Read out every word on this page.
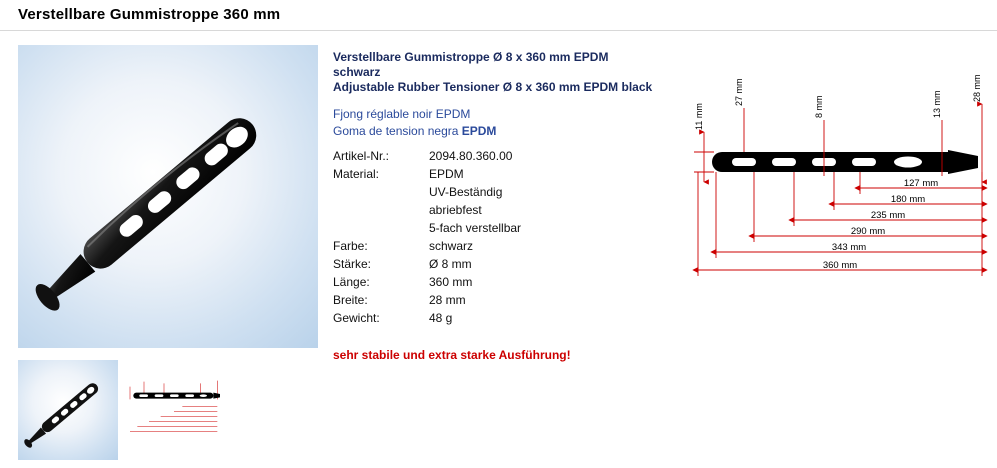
Verstellbare Gummistroppe 360 mm
Verstellbare Gummistroppe Ø 8 x 360 mm EPDM
schwarz
Adjustable Rubber Tensioner Ø 8 x 360 mm EPDM black
Fjong réglable noir EPDM
Goma de tension negra EPDM
Artikel-Nr.:	2094.80.360.00
Material:	EPDM
	UV-Beständig
	abriebfest
	5-fach verstellbar
Farbe:	schwarz
Stärke:	Ø 8 mm
Länge:	360 mm
Breite:	28 mm
Gewicht:	48 g
sehr stabile und extra starke Ausführung!
11 mm
27 mm
8 mm	13 mm
28 mm
127 mm
180 mm
235 mm
290 mm
343 mm
360 mm
